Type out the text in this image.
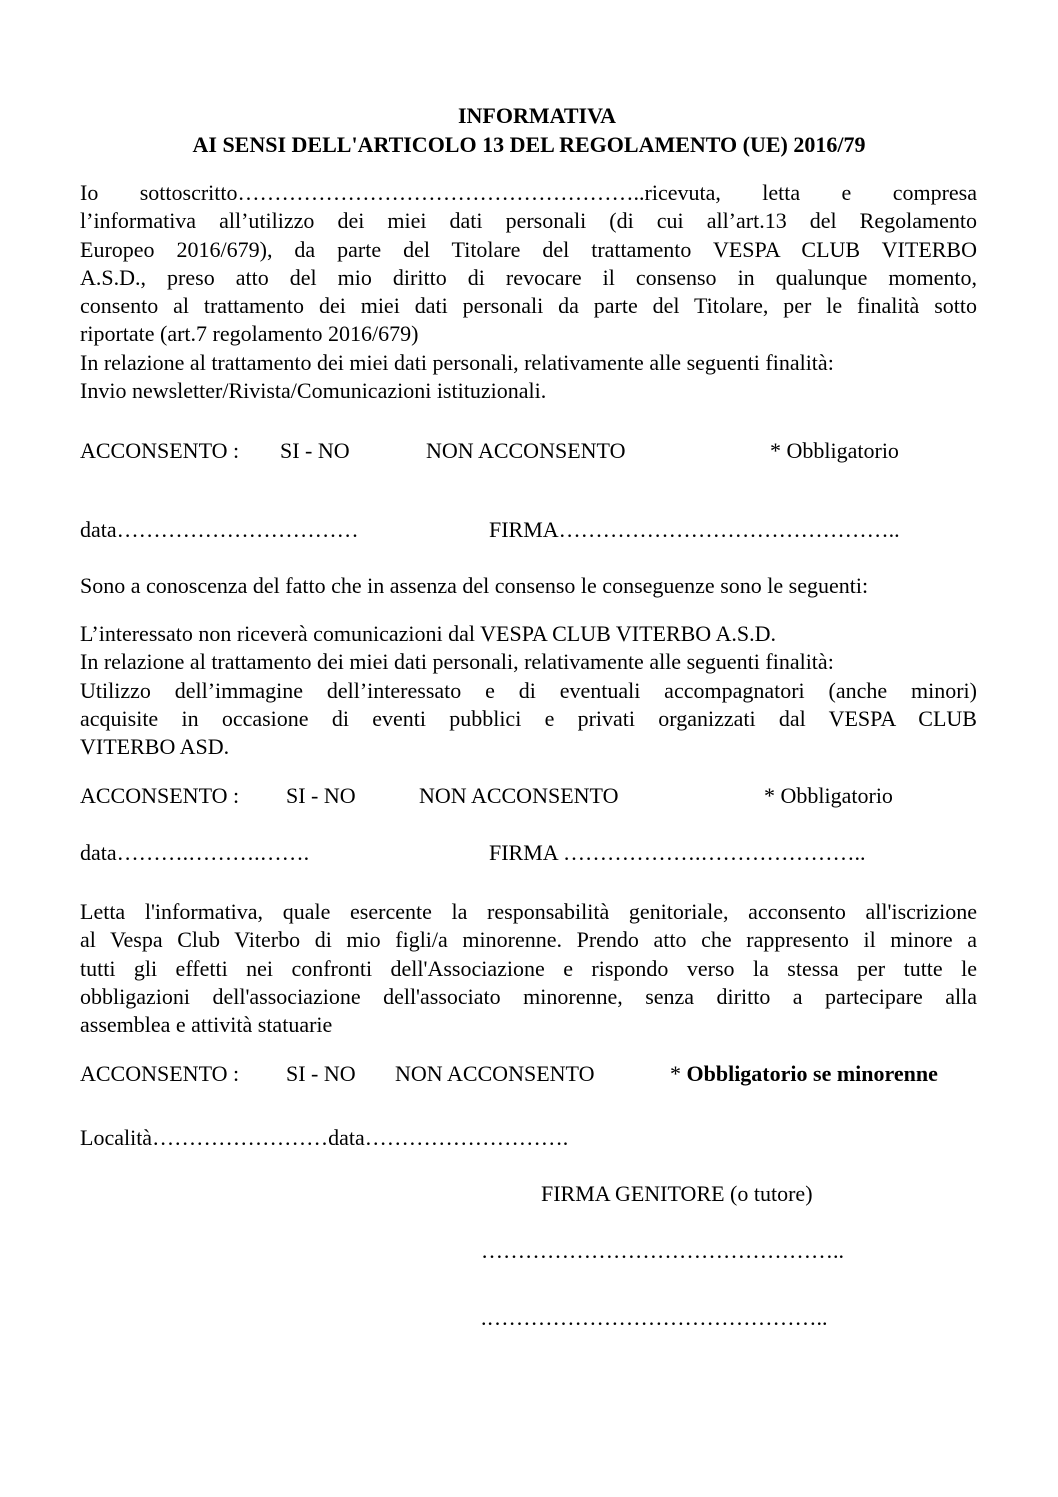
INFORMATIVA
AI SENSI DELL'ARTICOLO 13 DEL REGOLAMENTO (UE) 2016/79
Io sottoscritto………………………………………………..ricevuta, letta e compresa
l’informativa all’utilizzo dei miei dati personali (di cui all’art.13 del Regolamento
Europeo 2016/679), da parte del Titolare del trattamento VESPA CLUB VITERBO
A.S.D., preso atto del mio diritto di revocare il consenso in qualunque momento,
consento al trattamento dei miei dati personali da parte del Titolare, per le finalità sotto
riportate (art.7 regolamento 2016/679)
In relazione al trattamento dei miei dati personali, relativamente alle seguenti finalità:
Invio newsletter/Rivista/Comunicazioni istituzionali.
ACCONSENTO : SI - NO	NON ACCONSENTO	* Obbligatorio
data……………………………	FIRMA………………………………………..
Sono a conoscenza del fatto che in assenza del consenso le conseguenze sono le seguenti:
L’interessato non riceverà comunicazioni dal VESPA CLUB VITERBO A.S.D.
In relazione al trattamento dei miei dati personali, relativamente alle seguenti finalità:
Utilizzo dell’immagine dell’interessato e di eventuali accompagnatori (anche minori)
acquisite in occasione di eventi pubblici e privati organizzati dal VESPA CLUB
VITERBO ASD.
ACCONSENTO : SI - NO	NON ACCONSENTO	* Obbligatorio
data……….……….…….	FIRMA ……………….…………………..
Letta l'informativa, quale esercente la responsabilità genitoriale, acconsento all'iscrizione
al Vespa Club Viterbo di mio figli/a minorenne. Prendo atto che rappresento il minore a
tutti gli effetti nei confronti dell'Associazione e rispondo verso la stessa per tutte le
obbligazioni dell'associazione dell'associato minorenne, senza diritto a partecipare alla
assemblea e attività statuarie
ACCONSENTO : SI - NO NON ACCONSENTO	* Obbligatorio se minorenne
Località……………………data……………………….
FIRMA GENITORE (o tutore)
…………………………………………..
.………………………………………..
